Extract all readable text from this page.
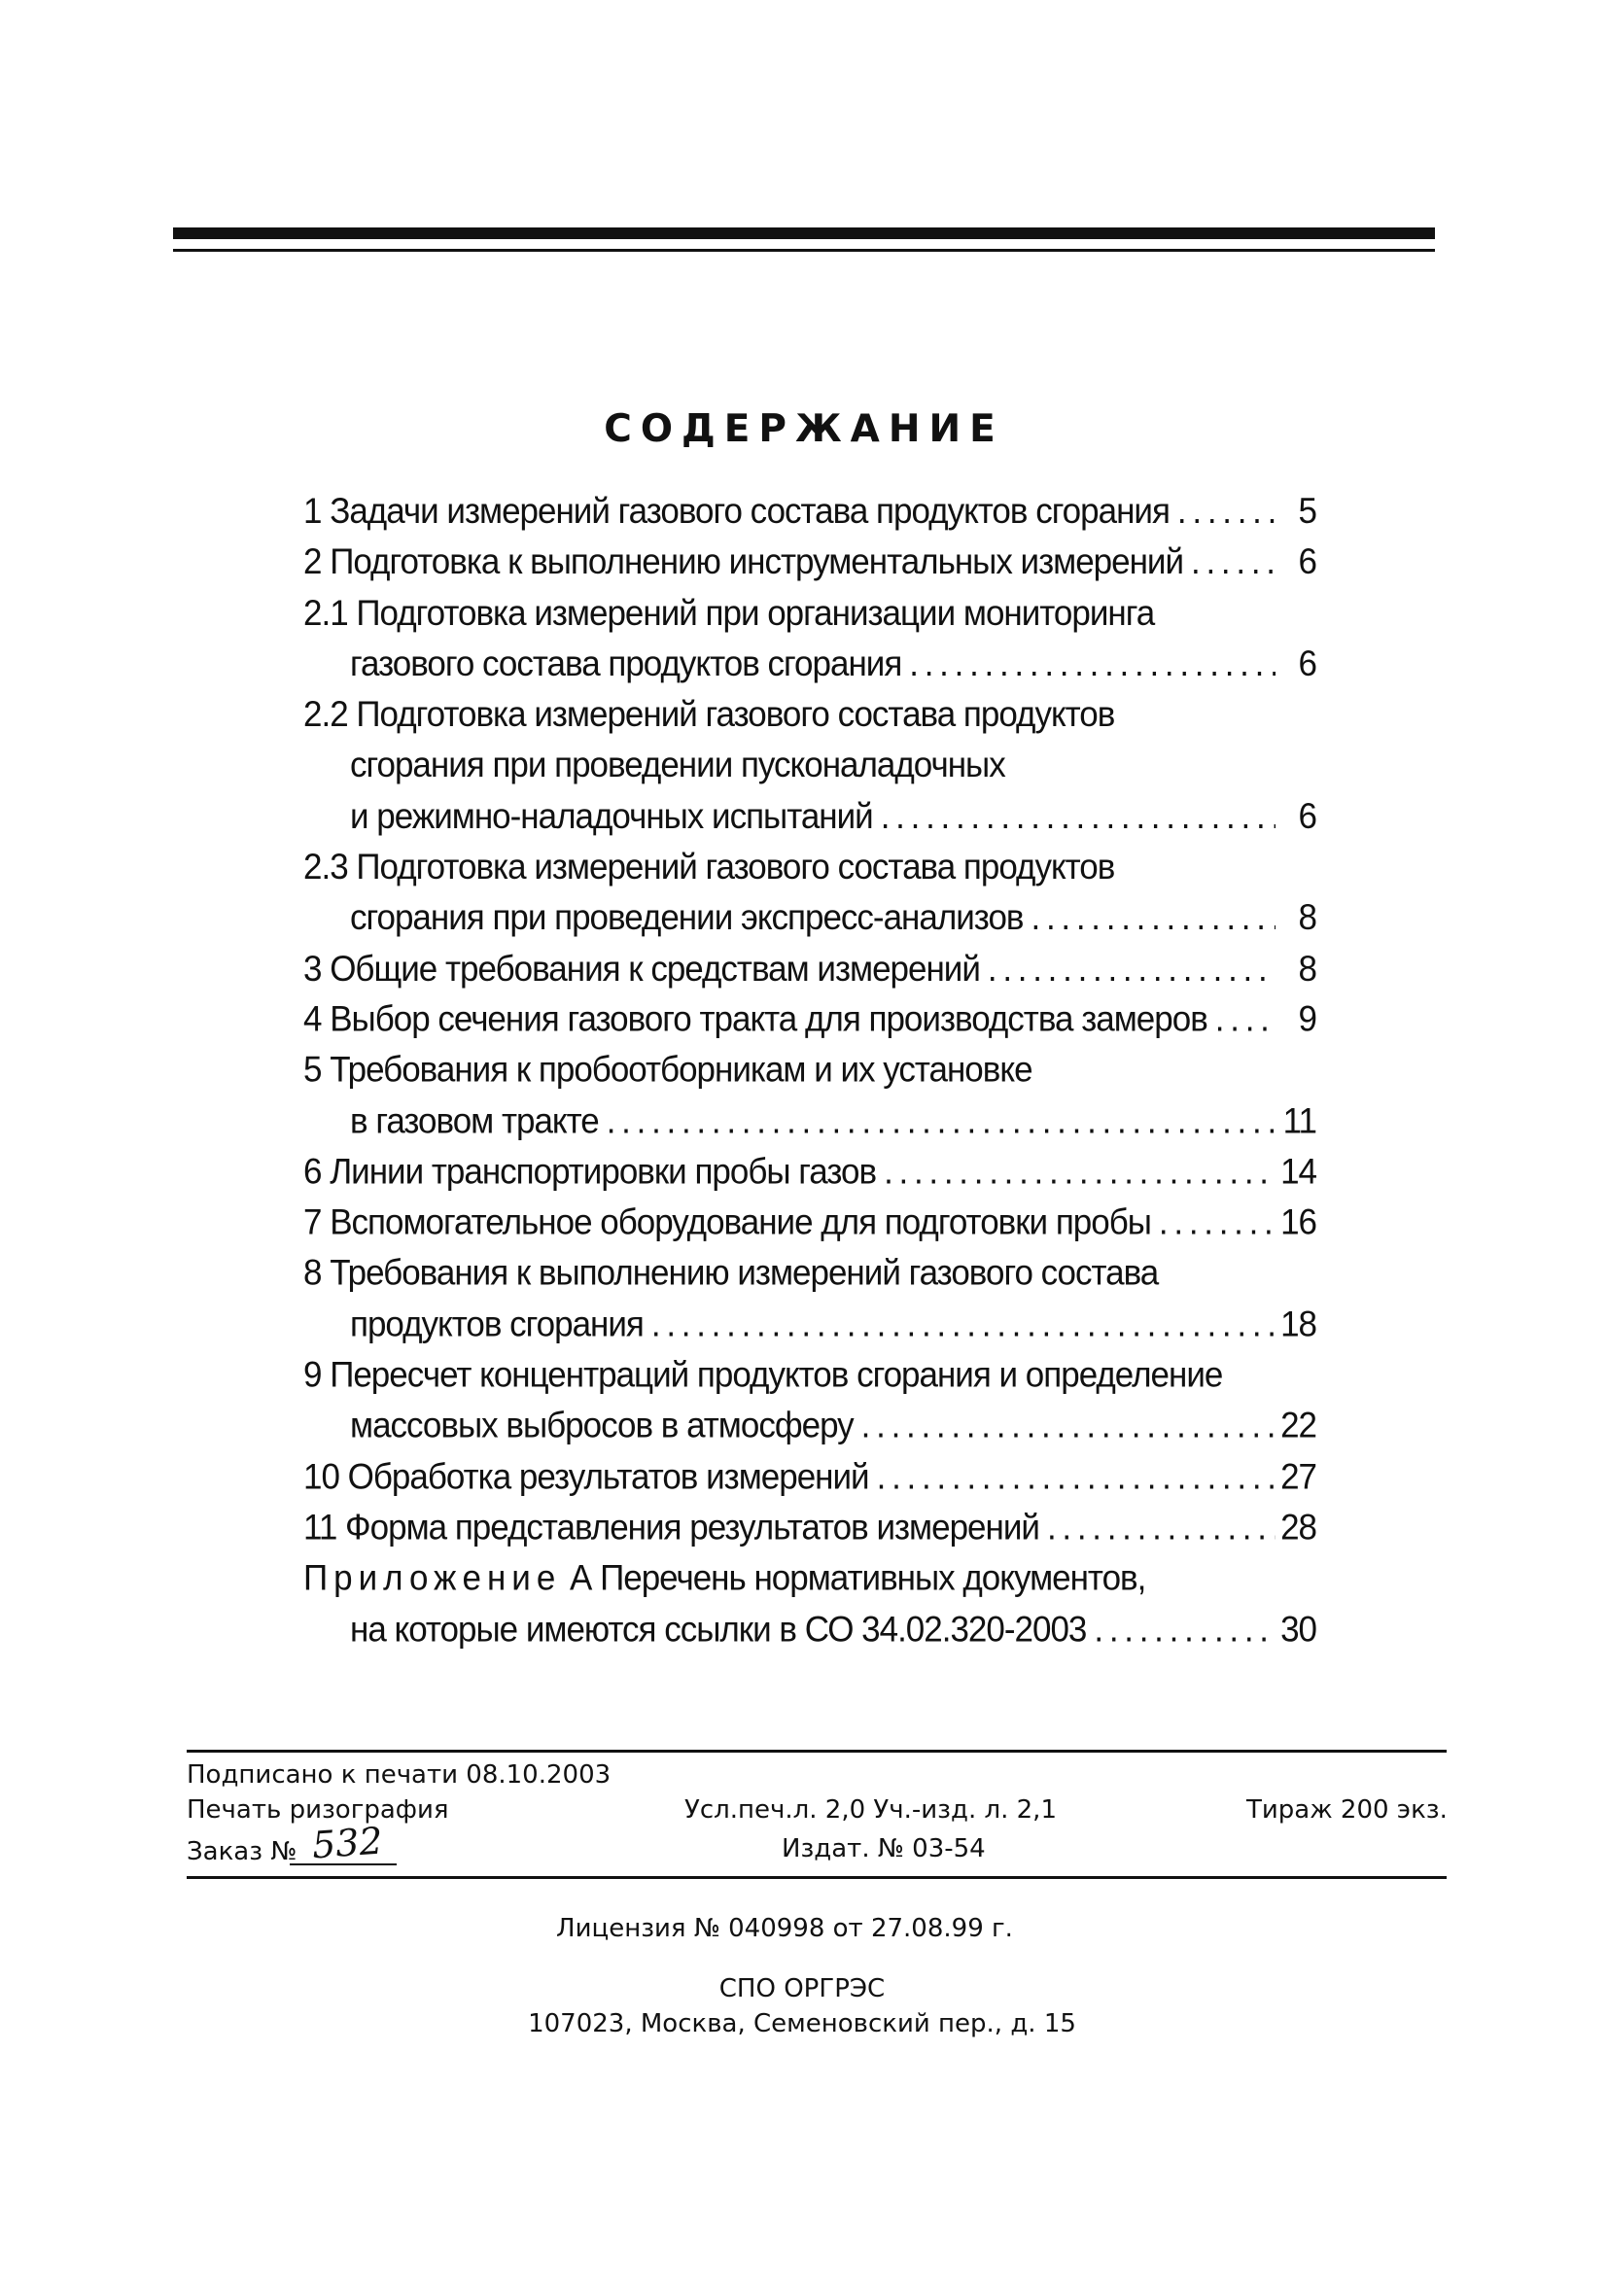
СОДЕРЖАНИЕ
1 Задачи измерений газового состава продуктов сгорания . . .	5
2 Подготовка к выполнению инструментальных измерений . . .	6
2.1 Подготовка измерений при организации мониторинга
газового состава продуктов сгорания . . .	6
2.2 Подготовка измерений газового состава продуктов
сгорания при проведении пусконаладочных
и режимно-наладочных испытаний . . .	6
2.3 Подготовка измерений газового состава продуктов
сгорания при проведении экспресс-анализов . . .	8
3 Общие требования к средствам измерений . . .	8
4 Выбор сечения газового тракта для производства замеров . . .	9
5 Требования к пробоотборникам и их установке
в газовом тракте . . .	11
6 Линии транспортировки пробы газов . . .	14
7 Вспомогательное оборудование для подготовки пробы . . .	16
8 Требования к выполнению измерений газового состава
продуктов сгорания . . .	18
9 Пересчет концентраций продуктов сгорания и определение
массовых выбросов в атмосферу . . .	22
10 Обработка результатов измерений . . .	27
11 Форма представления результатов измерений . . .	28
Приложение А Перечень нормативных документов,
на которые имеются ссылки в СО 34.02.320-2003 . . .	30
Подписано к печати 08.10.2003
Печать ризография
Заказ № 532
Усл.печ.л. 2,0 Уч.-изд. л. 2,1
Издат. № 03-54
Тираж 200 экз.
Лицензия № 040998 от 27.08.99 г.
СПО ОРГРЭС
107023, Москва, Семеновский пер., д. 15
